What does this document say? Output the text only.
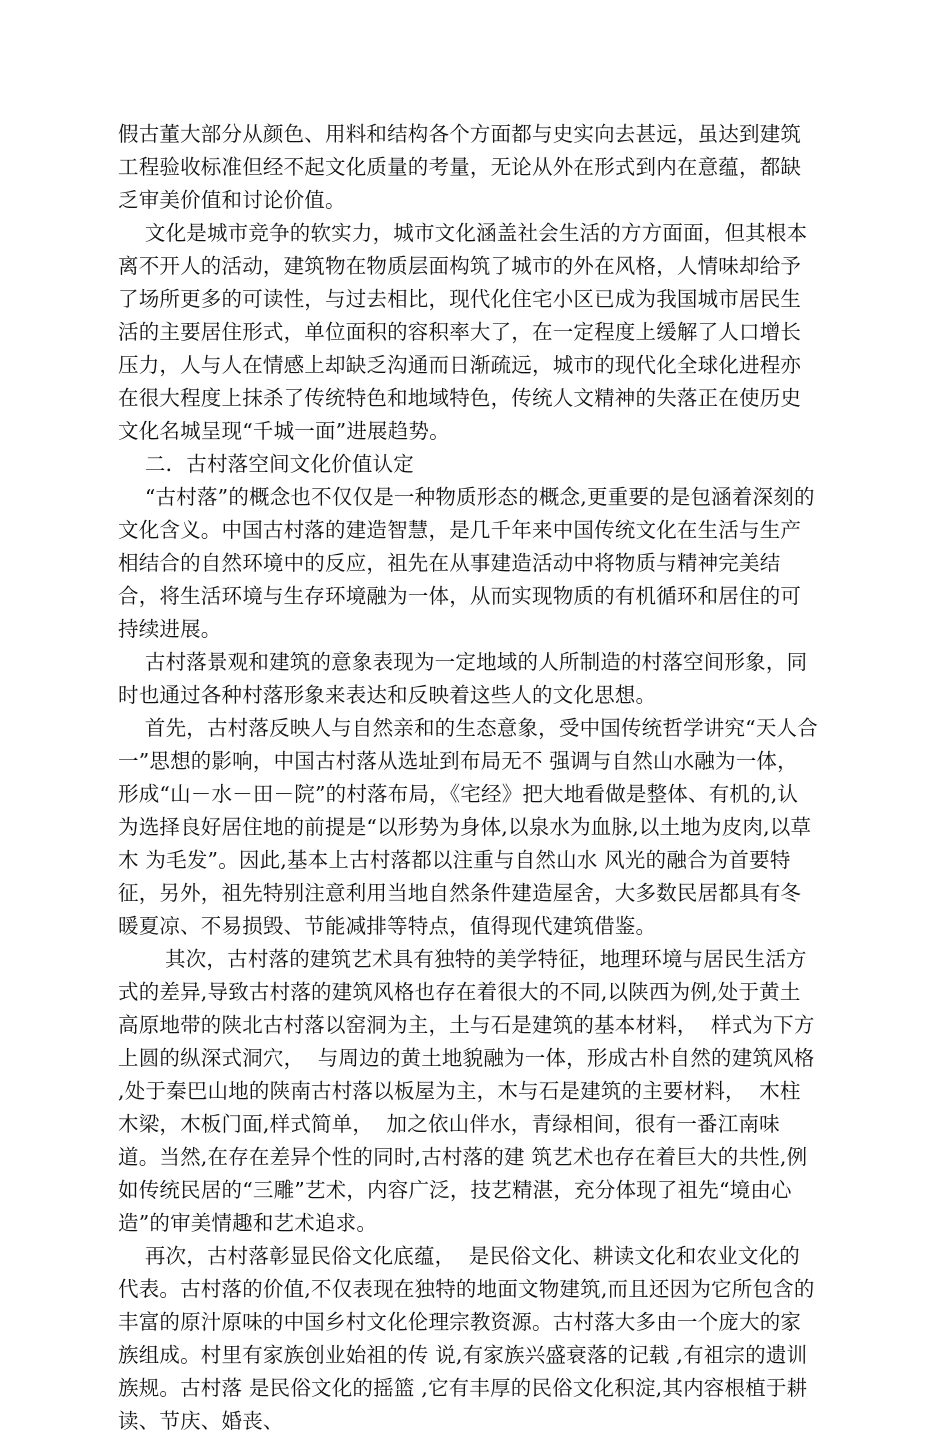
假古董大部分从颜色、用料和结构各个方面都与史实向去甚远，虽达到建筑工程验收标准但经不起文化质量的考量，无论从外在形式到内在意蕴，都缺乏审美价值和讨论价值。

文化是城市竞争的软实力，城市文化涵盖社会生活的方方面面，但其根本离不开人的活动，建筑物在物质层面构筑了城市的外在风格，人情味却给予了场所更多的可读性，与过去相比，现代化住宅小区已成为我国城市居民生活的主要居住形式，单位面积的容积率大了，在一定程度上缓解了人口增长压力，人与人在情感上却缺乏沟通而日渐疏远，城市的现代化全球化进程亦在很大程度上抹杀了传统特色和地域特色，传统人文精神的失落正在使历史文化名城呈现“千城一面”进展趋势。

二．古村落空间文化价值认定

“古村落”的概念也不仅仅是一种物质形态的概念,更重要的是包涵着深刻的文化含义。中国古村落的建造智慧，是几千年来中国传统文化在生活与生产相结合的自然环境中的反应，祖先在从事建造活动中将物质与精神完美结合，将生活环境与生存环境融为一体，从而实现物质的有机循环和居住的可持续进展。

古村落景观和建筑的意象表现为一定地域的人所制造的村落空间形象，同时也通过各种村落形象来表达和反映着这些人的文化思想。

首先，古村落反映人与自然亲和的生态意象，受中国传统哲学讲究“天人合一”思想的影响，中国古村落从选址到布局无不 强调与自然山水融为一体，形成“山－水－田－院”的村落布局，《宅经》把大地看做是整体、有机的,认为选择良好居住地的前提是“以形势为身体,以泉水为血脉,以土地为皮肉,以草木 为毛发”。因此,基本上古村落都以注重与自然山水 风光的融合为首要特征，另外，祖先特别注意利用当地自然条件建造屋舍，大多数民居都具有冬暖夏凉、不易损毁、节能减排等特点，值得现代建筑借鉴。

其次，古村落的建筑艺术具有独特的美学特征，地理环境与居民生活方式的差异,导致古村落的建筑风格也存在着很大的不同,以陕西为例,处于黄土高原地带的陕北古村落以窑洞为主，土与石是建筑的基本材料，  样式为下方上圆的纵深式洞穴，  与周边的黄土地貌融为一体，形成古朴自然的建筑风格 ,处于秦巴山地的陕南古村落以板屋为主，木与石是建筑的主要材料，  木柱木梁，木板门面,样式简单，  加之依山伴水，青绿相间，很有一番江南味道。当然,在存在差异个性的同时,古村落的建 筑艺术也存在着巨大的共性,例如传统民居的“三雕”艺术，内容广泛，技艺精湛，充分体现了祖先“境由心造”的审美情趣和艺术追求。

再次，古村落彰显民俗文化底蕴，  是民俗文化、耕读文化和农业文化的代表。古村落的价值,不仅表现在独特的地面文物建筑,而且还因为它所包含的丰富的原汁原味的中国乡村文化伦理宗教资源。古村落大多由一个庞大的家族组成。村里有家族创业始祖的传 说,有家族兴盛衰落的记载 ,有祖宗的遗训族规。古村落 是民俗文化的摇篮 ,它有丰厚的民俗文化积淀,其内容根植于耕读、节庆、婚丧、
